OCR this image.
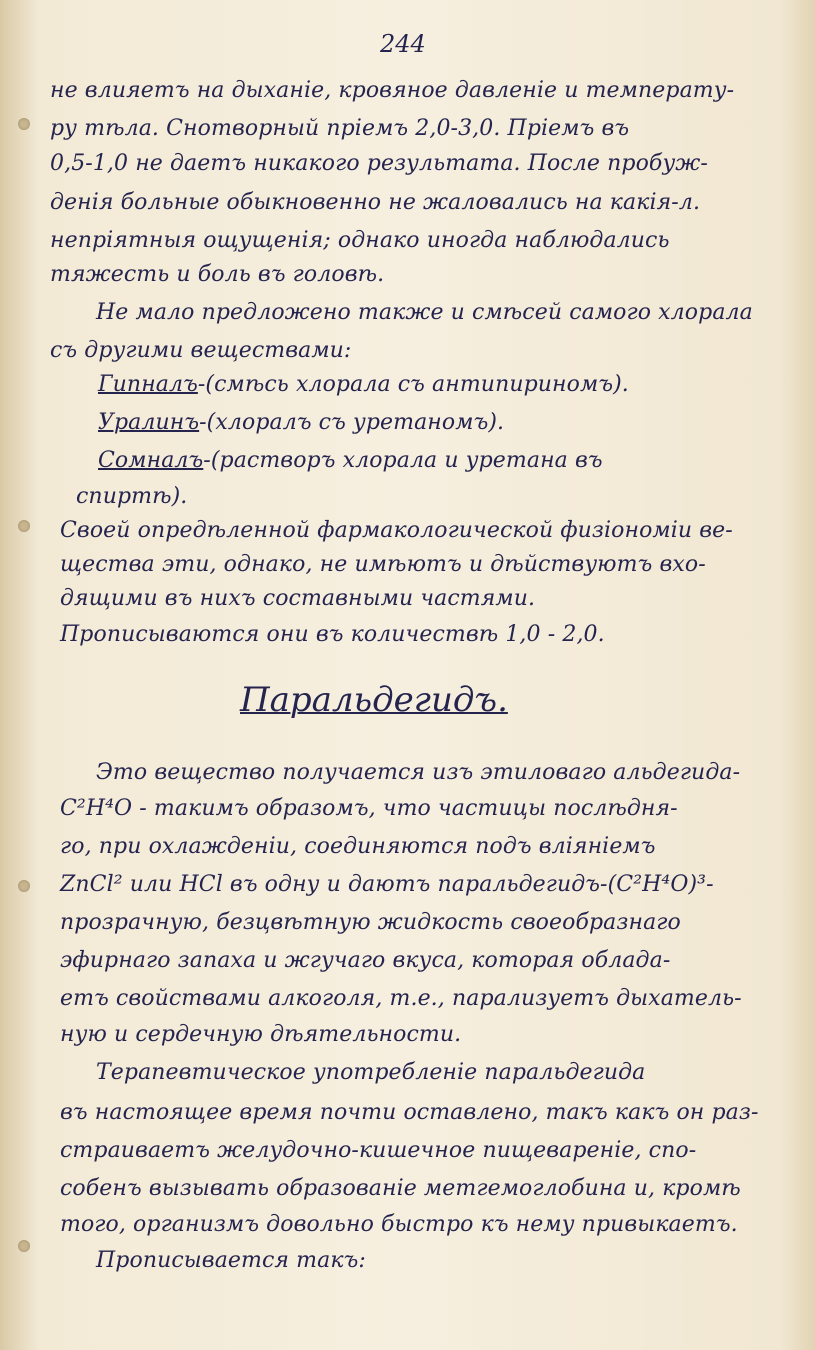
244
не влияетъ на дыханіе, кровяное давленіе и температу-
ру тѣла. Снотворный пріемъ 2,0-3,0. Пріемъ въ
0,5-1,0 не даетъ никакого результата. После пробуж-
денія больные обыкновенно не жаловались на какія-л.
непріятныя ощущенія; однако иногда наблюдались
тяжесть и боль въ головѣ.
Не мало предложено также и смѣсей самого хлорала
съ другими веществами:
Гипналъ-(смѣсь хлорала съ антипириномъ).
Уралинъ-(хлоралъ съ уретаномъ).
Сомналъ-(растворъ хлорала и уретана въ
спиртѣ).
Своей опредѣленной фармакологической физіономіи ве-
щества эти, однако, не имѣютъ и дѣйствуютъ вхо-
дящими въ нихъ составными частями.
Прописываются они въ количествѣ 1,0 - 2,0.
Паральдегидъ.
Это вещество получается изъ этиловаго альдегида-
C²H⁴O - такимъ образомъ, что частицы послѣдня-
го, при охлажденіи, соединяются подъ вліяніемъ
ZnCl² или HCl въ одну и даютъ паральдегидъ-(C²H⁴O)³-
прозрачную, безцвѣтную жидкость своеобразнаго
эфирнаго запаха и жгучаго вкуса, которая облада-
етъ свойствами алкоголя, т.е., парализуетъ дыхатель-
ную и сердечную дѣятельности.
Терапевтическое употребленіе паральдегида
въ настоящее время почти оставлено, такъ какъ он раз-
страиваетъ желудочно-кишечное пищевареніе, спо-
собенъ вызывать образованіе метгемоглобина и, кромѣ
того, организмъ довольно быстро къ нему привыкаетъ.
Прописывается такъ:
